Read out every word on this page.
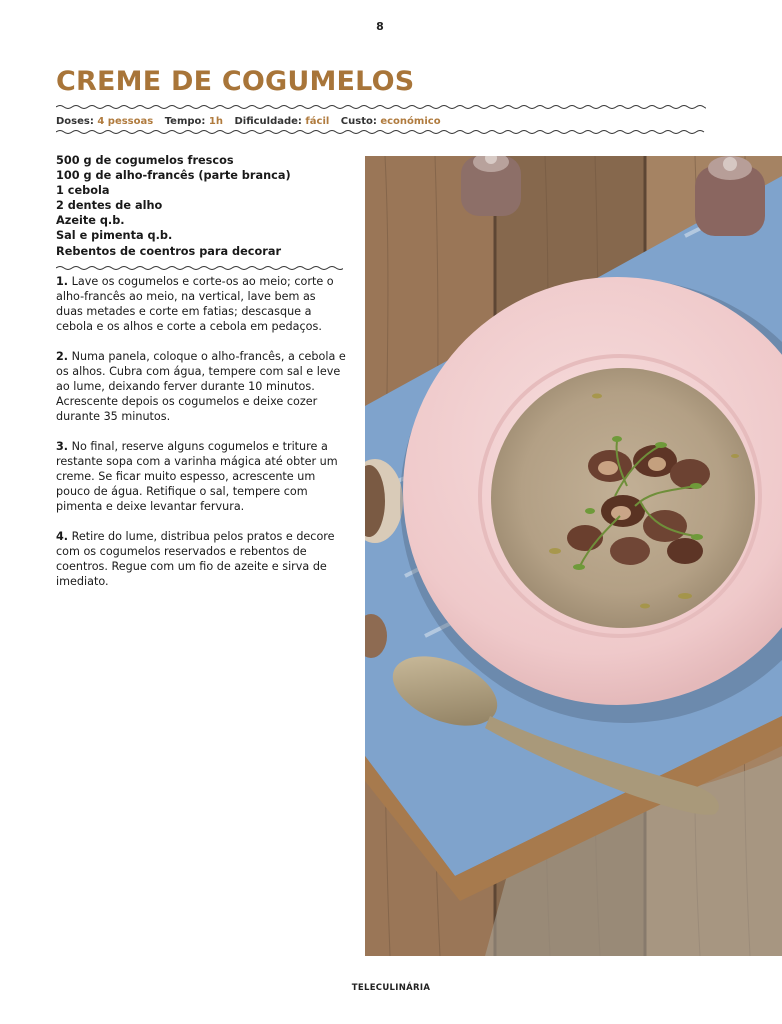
8
CREME DE COGUMELOS
Doses: 4 pessoas Tempo: 1h Dificuldade: fácil Custo: económico
500 g de cogumelos frescos
100 g de alho-francês (parte branca)
1 cebola
2 dentes de alho
Azeite q.b.
Sal e pimenta q.b.
Rebentos de coentros para decorar

1. Lave os cogumelos e corte-os ao meio; corte o alho-francês ao meio, na vertical, lave bem as duas metades e corte em fatias; descasque a cebola e os alhos e corte a cebola em pedaços.

2. Numa panela, coloque o alho-francês, a cebola e os alhos. Cubra com água, tempere com sal e leve ao lume, deixando ferver durante 10 minutos. Acrescente depois os cogumelos e deixe cozer durante 35 minutos.

3. No final, reserve alguns cogumelos e triture a restante sopa com a varinha mágica até obter um creme. Se ficar muito espesso, acrescente um pouco de água. Retifique o sal, tempere com pimenta e deixe levantar fervura.

4. Retire do lume, distribua pelos pratos e decore com os cogumelos reservados e rebentos de coentros. Regue com um fio de azeite e sirva de imediato.

TELECULINÁRIA
